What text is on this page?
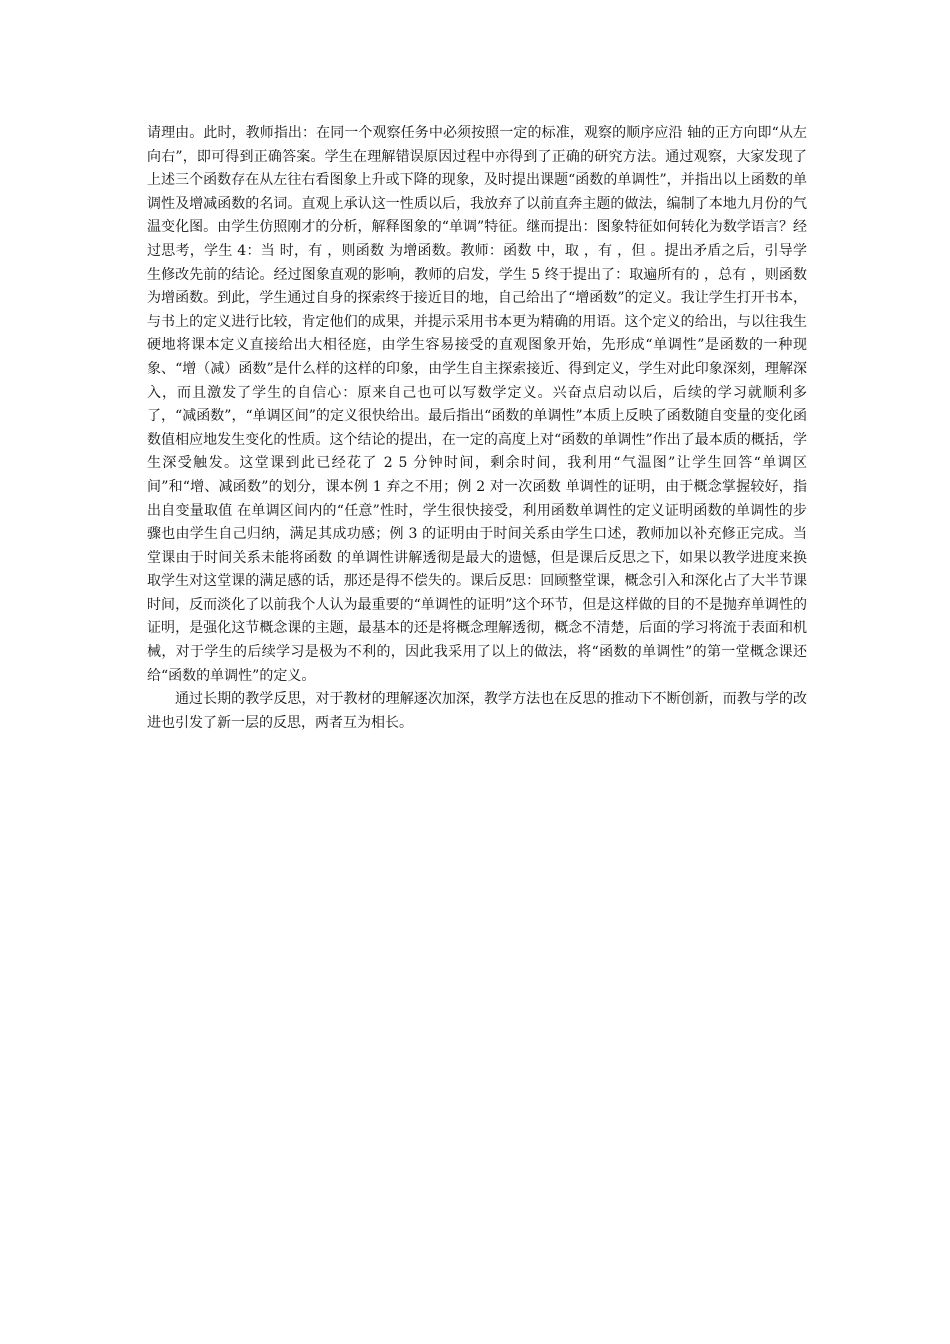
请理由。此时，教师指出：在同一个观察任务中必须按照一定的标准，观察的顺序应沿 轴的正方向即“从左向右”，即可得到正确答案。学生在理解错误原因过程中亦得到了正确的研究方法。通过观察，大家发现了上述三个函数存在从左往右看图象上升或下降的现象，及时提出课题“函数的单调性”，并指出以上函数的单调性及增减函数的名词。直观上承认这一性质以后，我放弃了以前直奔主题的做法，编制了本地九月份的气温变化图。由学生仿照刚才的分析，解释图象的“单调”特征。继而提出：图象特征如何转化为数学语言？经过思考，学生 4：当 时，有 ，则函数 为增函数。教师：函数 中，取 ，有 ，但 。提出矛盾之后，引导学生修改先前的结论。经过图象直观的影响，教师的启发，学生 5 终于提出了：取遍所有的 ，总有 ，则函数 为增函数。到此，学生通过自身的探索终于接近目的地，自己给出了“增函数”的定义。我让学生打开书本，与书上的定义进行比较，肯定他们的成果，并提示采用书本更为精确的用语。这个定义的给出，与以往我生硬地将课本定义直接给出大相径庭，由学生容易接受的直观图象开始，先形成“单调性”是函数的一种现象、“增（减）函数”是什么样的这样的印象，由学生自主探索接近、得到定义，学生对此印象深刻，理解深入，而且激发了学生的自信心：原来自己也可以写数学定义。兴奋点启动以后，后续的学习就顺利多了，“减函数”，“单调区间”的定义很快给出。最后指出“函数的单调性”本质上反映了函数随自变量的变化函数值相应地发生变化的性质。这个结论的提出，在一定的高度上对“函数的单调性”作出了最本质的概括，学生深受触发。这堂课到此已经花了 2 5 分钟时间，剩余时间，我利用“气温图”让学生回答“单调区间”和“增、减函数”的划分，课本例 1 弃之不用；例 2 对一次函数 单调性的证明，由于概念掌握较好，指出自变量取值 在单调区间内的“任意”性时，学生很快接受，利用函数单调性的定义证明函数的单调性的步骤也由学生自己归纳，满足其成功感；例 3 的证明由于时间关系由学生口述，教师加以补充修正完成。当堂课由于时间关系未能将函数 的单调性讲解透彻是最大的遗憾，但是课后反思之下，如果以教学进度来换取学生对这堂课的满足感的话，那还是得不偿失的。课后反思：回顾整堂课，概念引入和深化占了大半节课时间，反而淡化了以前我个人认为最重要的“单调性的证明”这个环节，但是这样做的目的不是抛弃单调性的证明，是强化这节概念课的主题，最基本的还是将概念理解透彻，概念不清楚，后面的学习将流于表面和机械，对于学生的后续学习是极为不利的，因此我采用了以上的做法，将“函数的单调性”的第一堂概念课还给“函数的单调性”的定义。

通过长期的教学反思，对于教材的理解逐次加深，教学方法也在反思的推动下不断创新，而教与学的改进也引发了新一层的反思，两者互为相长。
